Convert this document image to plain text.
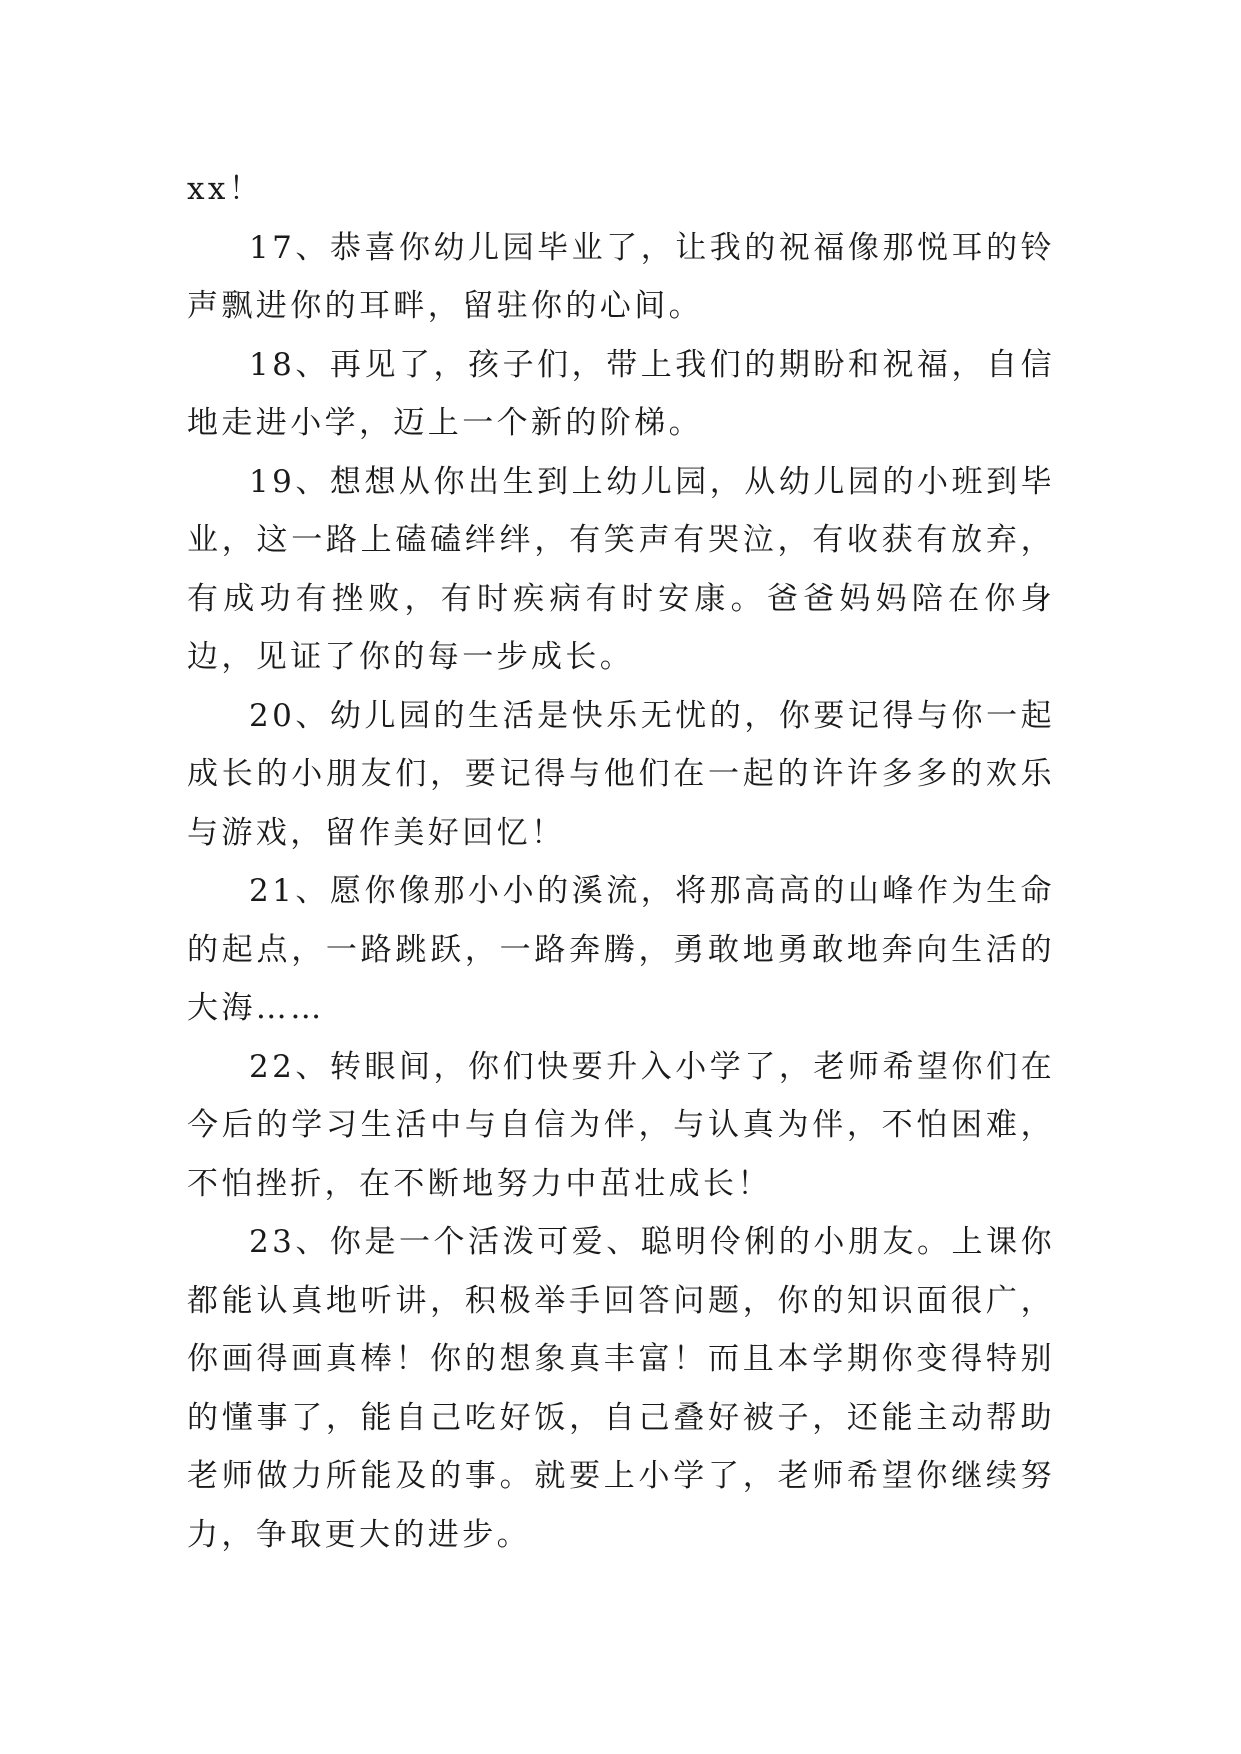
xx！

17、恭喜你幼儿园毕业了，让我的祝福像那悦耳的铃声飘进你的耳畔，留驻你的心间。

18、再见了，孩子们，带上我们的期盼和祝福，自信地走进小学，迈上一个新的阶梯。

19、想想从你出生到上幼儿园，从幼儿园的小班到毕业，这一路上磕磕绊绊，有笑声有哭泣，有收获有放弃，有成功有挫败，有时疾病有时安康。爸爸妈妈陪在你身边，见证了你的每一步成长。

20、幼儿园的生活是快乐无忧的，你要记得与你一起成长的小朋友们，要记得与他们在一起的许许多多的欢乐与游戏，留作美好回忆！

21、愿你像那小小的溪流，将那高高的山峰作为生命的起点，一路跳跃，一路奔腾，勇敢地勇敢地奔向生活的大海……

22、转眼间，你们快要升入小学了，老师希望你们在今后的学习生活中与自信为伴，与认真为伴，不怕困难，不怕挫折，在不断地努力中茁壮成长！

23、你是一个活泼可爱、聪明伶俐的小朋友。上课你都能认真地听讲，积极举手回答问题，你的知识面很广，你画得画真棒！你的想象真丰富！而且本学期你变得特别的懂事了，能自己吃好饭，自己叠好被子，还能主动帮助老师做力所能及的事。就要上小学了，老师希望你继续努力，争取更大的进步。
